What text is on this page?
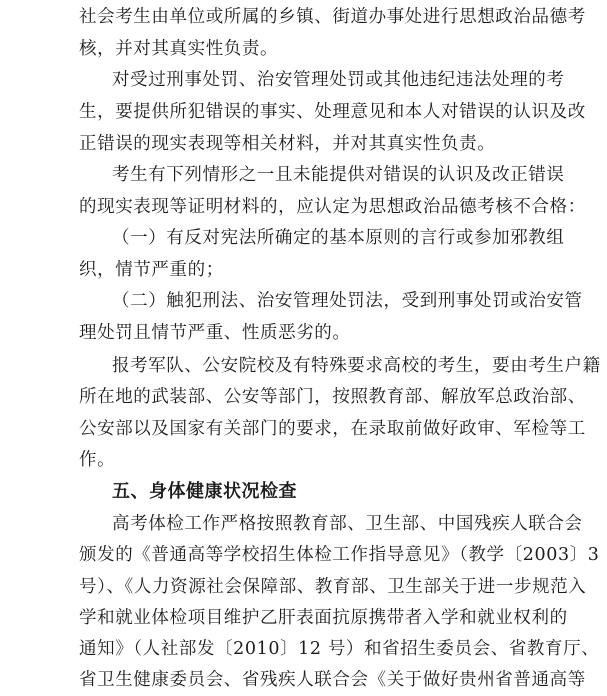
社会考生由单位或所属的乡镇、街道办事处进行思想政治品德考
核，并对其真实性负责。
对受过刑事处罚、治安管理处罚或其他违纪违法处理的考
生，要提供所犯错误的事实、处理意见和本人对错误的认识及改
正错误的现实表现等相关材料，并对其真实性负责。
考生有下列情形之一且未能提供对错误的认识及改正错误
的现实表现等证明材料的，应认定为思想政治品德考核不合格：
（一）有反对宪法所确定的基本原则的言行或参加邪教组
织，情节严重的；
（二）触犯刑法、治安管理处罚法，受到刑事处罚或治安管
理处罚且情节严重、性质恶劣的。
报考军队、公安院校及有特殊要求高校的考生，要由考生户籍
所在地的武装部、公安等部门，按照教育部、解放军总政治部、
公安部以及国家有关部门的要求，在录取前做好政审、军检等工
作。
五、身体健康状况检查
高考体检工作严格按照教育部、卫生部、中国残疾人联合会
颁发的《普通高等学校招生体检工作指导意见》（教学〔2003〕3
号）、《人力资源社会保障部、教育部、卫生部关于进一步规范入
学和就业体检项目维护乙肝表面抗原携带者入学和就业权利的
通知》（人社部发〔2010〕12 号）和省招生委员会、省教育厅、
省卫生健康委员会、省残疾人联合会《关于做好贵州省普通高等
